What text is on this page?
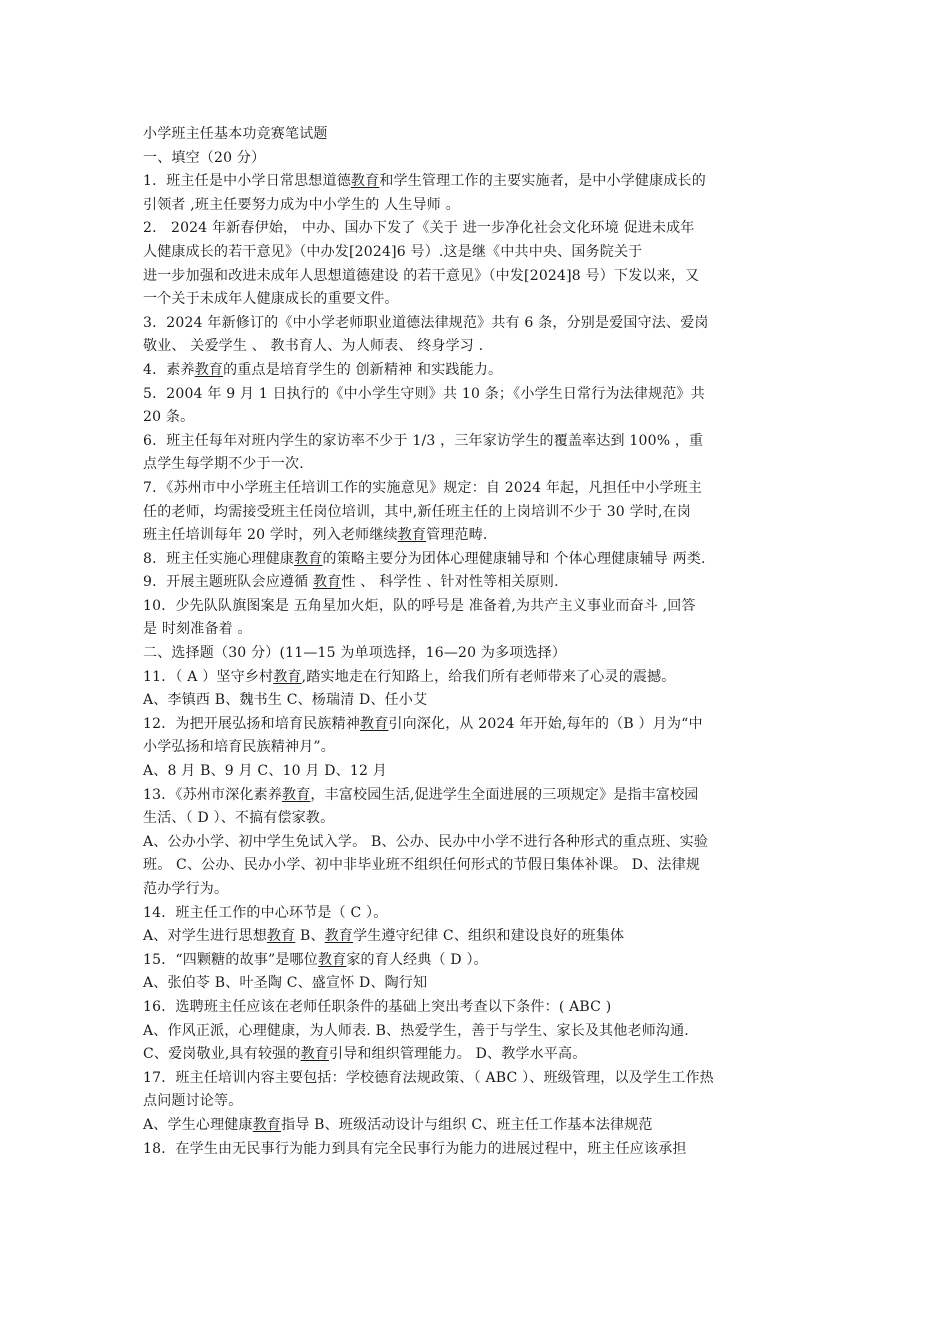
小学班主任基本功竞赛笔试题
一、填空（20 分）
1．班主任是中小学日常思想道德教育和学生管理工作的主要实施者，是中小学健康成长的
引领者 ,班主任要努力成为中小学生的 人生导师 。
2． 2024 年新春伊始， 中办、国办下发了《关于 进一步净化社会文化环境 促进未成年
人健康成长的若干意见》（中办发[2024]6 号）.这是继《中共中央、国务院关于
进一步加强和改进未成年人思想道德建设 的若干意见》（中发[2024]8 号）下发以来，又
一个关于未成年人健康成长的重要文件。
3．2024 年新修订的《中小学老师职业道德法律规范》共有 6 条，分别是爱国守法、爱岗
敬业、 关爱学生 、 教书育人、为人师表、 终身学习 .
4．素养教育的重点是培育学生的 创新精神 和实践能力。
5．2004 年 9 月 1 日执行的《中小学生守则》共 10 条；《小学生日常行为法律规范》共
20 条。
6．班主任每年对班内学生的家访率不少于 1/3 ，三年家访学生的覆盖率达到 100% ，重
点学生每学期不少于一次.
7．《苏州市中小学班主任培训工作的实施意见》规定：自 2024 年起，凡担任中小学班主
任的老师，均需接受班主任岗位培训，其中,新任班主任的上岗培训不少于 30 学时,在岗
班主任培训每年 20 学时，列入老师继续教育管理范畴.
8．班主任实施心理健康教育的策略主要分为团体心理健康辅导和 个体心理健康辅导 两类.
9．开展主题班队会应遵循 教育性 、 科学性 、针对性等相关原则.
10．少先队队旗图案是 五角星加火炬，队的呼号是 准备着,为共产主义事业而奋斗 ,回答
是 时刻准备着 。
二、选择题（30 分）(11—15 为单项选择，16—20 为多项选择）
11．（ A ）坚守乡村教育,踏实地走在行知路上，给我们所有老师带来了心灵的震撼。
A、李镇西 B、魏书生 C、杨瑞清 D、任小艾
12．为把开展弘扬和培育民族精神教育引向深化，从 2024 年开始,每年的（B ）月为“中
小学弘扬和培育民族精神月”。
A、8 月 B、9 月 C、10 月 D、12 月
13．《苏州市深化素养教育，丰富校园生活,促进学生全面进展的三项规定》是指丰富校园
生活、（ D ）、不搞有偿家教。
A、公办小学、初中学生免试入学。 B、公办、民办中小学不进行各种形式的重点班、实验
班。 C、公办、民办小学、初中非毕业班不组织任何形式的节假日集体补课。 D、法律规
范办学行为。
14．班主任工作的中心环节是（ C ）。
A、对学生进行思想教育 B、教育学生遵守纪律 C、组织和建设良好的班集体
15．“四颗糖的故事”是哪位教育家的育人经典（ D ）。
A、张伯苓 B、叶圣陶 C、盛宣怀 D、陶行知
16．选聘班主任应该在老师任职条件的基础上突出考查以下条件：( ABC )
A、作风正派，心理健康，为人师表. B、热爱学生，善于与学生、家长及其他老师沟通.
C、爱岗敬业,具有较强的教育引导和组织管理能力。 D、教学水平高。
17．班主任培训内容主要包括：学校德育法规政策、（ ABC ）、班级管理，以及学生工作热
点问题讨论等。
A、学生心理健康教育指导 B、班级活动设计与组织 C、班主任工作基本法律规范
18．在学生由无民事行为能力到具有完全民事行为能力的进展过程中，班主任应该承担
